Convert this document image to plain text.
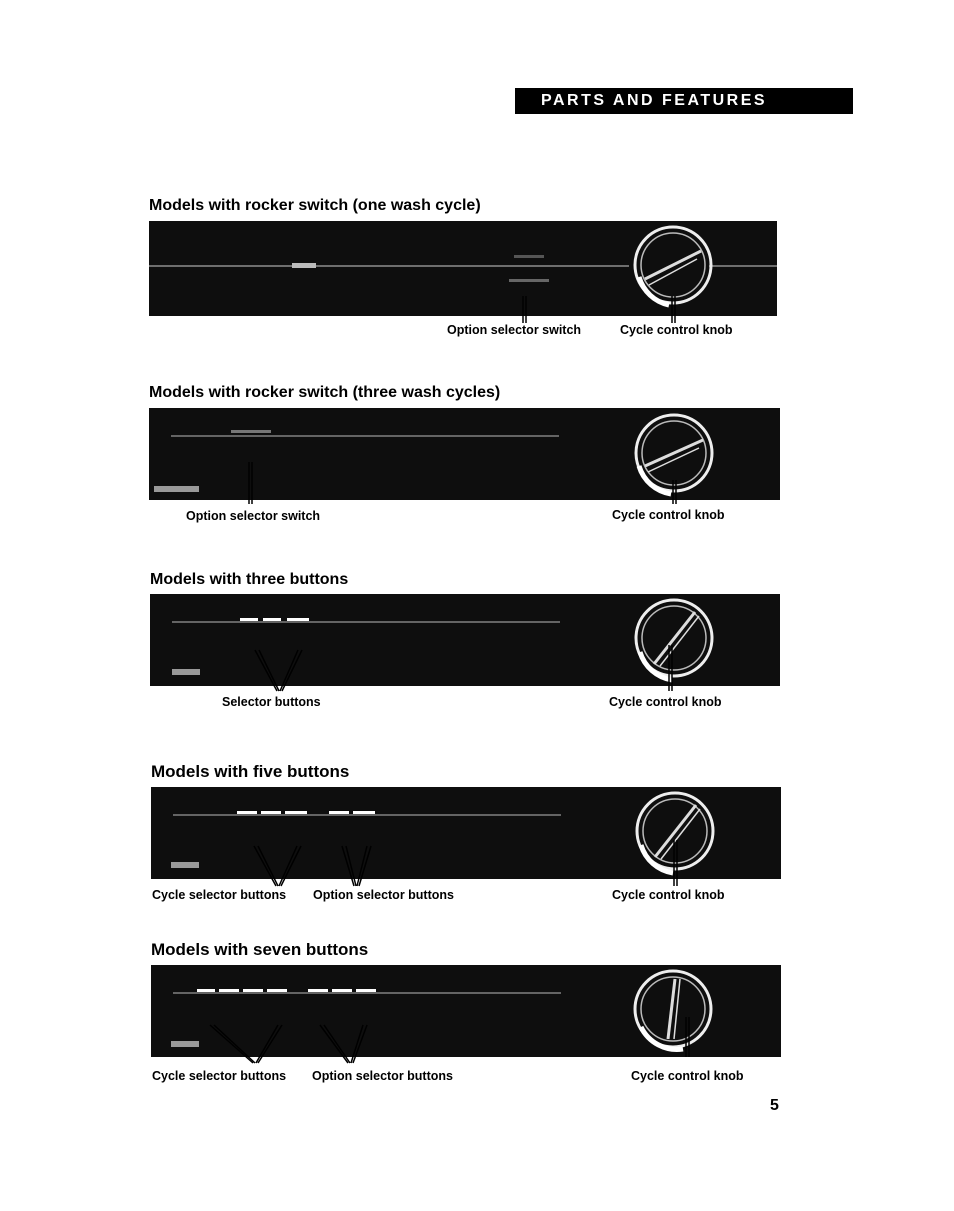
PARTS AND FEATURES
Models with rocker switch (one wash cycle)
Option selector switch	Cycle control knob
Models with rocker switch (three wash cycles)
Option selector switch	Cycle control knob
Models with three buttons
Selector buttons	Cycle control knob
Models with five buttons
Cycle selector buttons Option selector buttons	Cycle control knob
Models with seven buttons
Cycle selector buttons Option selector buttons	Cycle control knob
5
